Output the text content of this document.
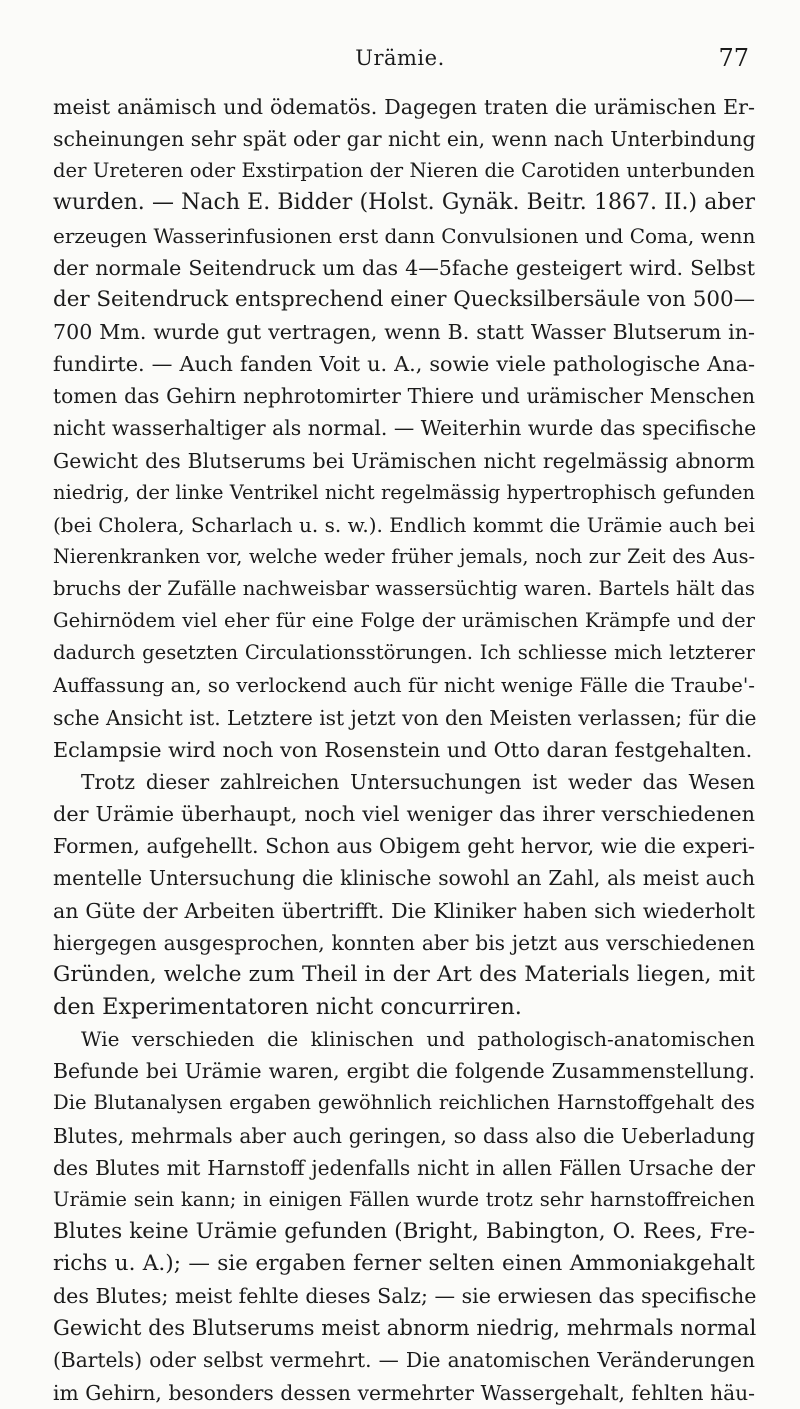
Urämie.	77
meist anämisch und ödematös. Dagegen traten die urämischen Er-
scheinungen sehr spät oder gar nicht ein, wenn nach Unterbindung
der Ureteren oder Exstirpation der Nieren die Carotiden unterbunden
wurden. — Nach E. Bidder (Holst. Gynäk. Beitr. 1867. II.) aber
erzeugen Wasserinfusionen erst dann Convulsionen und Coma, wenn
der normale Seitendruck um das 4—5fache gesteigert wird. Selbst
der Seitendruck entsprechend einer Quecksilbersäule von 500—
700 Mm. wurde gut vertragen, wenn B. statt Wasser Blutserum in-
fundirte. — Auch fanden Voit u. A., sowie viele pathologische Ana-
tomen das Gehirn nephrotomirter Thiere und urämischer Menschen
nicht wasserhaltiger als normal. — Weiterhin wurde das specifische
Gewicht des Blutserums bei Urämischen nicht regelmässig abnorm
niedrig, der linke Ventrikel nicht regelmässig hypertrophisch gefunden
(bei Cholera, Scharlach u. s. w.). Endlich kommt die Urämie auch bei
Nierenkranken vor, welche weder früher jemals, noch zur Zeit des Aus-
bruchs der Zufälle nachweisbar wassersüchtig waren. Bartels hält das
Gehirnödem viel eher für eine Folge der urämischen Krämpfe und der
dadurch gesetzten Circulationsstörungen. Ich schliesse mich letzterer
Auffassung an, so verlockend auch für nicht wenige Fälle die Traube'-
sche Ansicht ist. Letztere ist jetzt von den Meisten verlassen; für die
Eclampsie wird noch von Rosenstein und Otto daran festgehalten.
Trotz dieser zahlreichen Untersuchungen ist weder das Wesen
der Urämie überhaupt, noch viel weniger das ihrer verschiedenen
Formen, aufgehellt. Schon aus Obigem geht hervor, wie die experi-
mentelle Untersuchung die klinische sowohl an Zahl, als meist auch
an Güte der Arbeiten übertrifft. Die Kliniker haben sich wiederholt
hiergegen ausgesprochen, konnten aber bis jetzt aus verschiedenen
Gründen, welche zum Theil in der Art des Materials liegen, mit
den Experimentatoren nicht concurriren.
Wie verschieden die klinischen und pathologisch-anatomischen
Befunde bei Urämie waren, ergibt die folgende Zusammenstellung.
Die Blutanalysen ergaben gewöhnlich reichlichen Harnstoffgehalt des
Blutes, mehrmals aber auch geringen, so dass also die Ueberladung
des Blutes mit Harnstoff jedenfalls nicht in allen Fällen Ursache der
Urämie sein kann; in einigen Fällen wurde trotz sehr harnstoffreichen
Blutes keine Urämie gefunden (Bright, Babington, O. Rees, Fre-
richs u. A.); — sie ergaben ferner selten einen Ammoniakgehalt
des Blutes; meist fehlte dieses Salz; — sie erwiesen das specifische
Gewicht des Blutserums meist abnorm niedrig, mehrmals normal
(Bartels) oder selbst vermehrt. — Die anatomischen Veränderungen
im Gehirn, besonders dessen vermehrter Wassergehalt, fehlten häu-
